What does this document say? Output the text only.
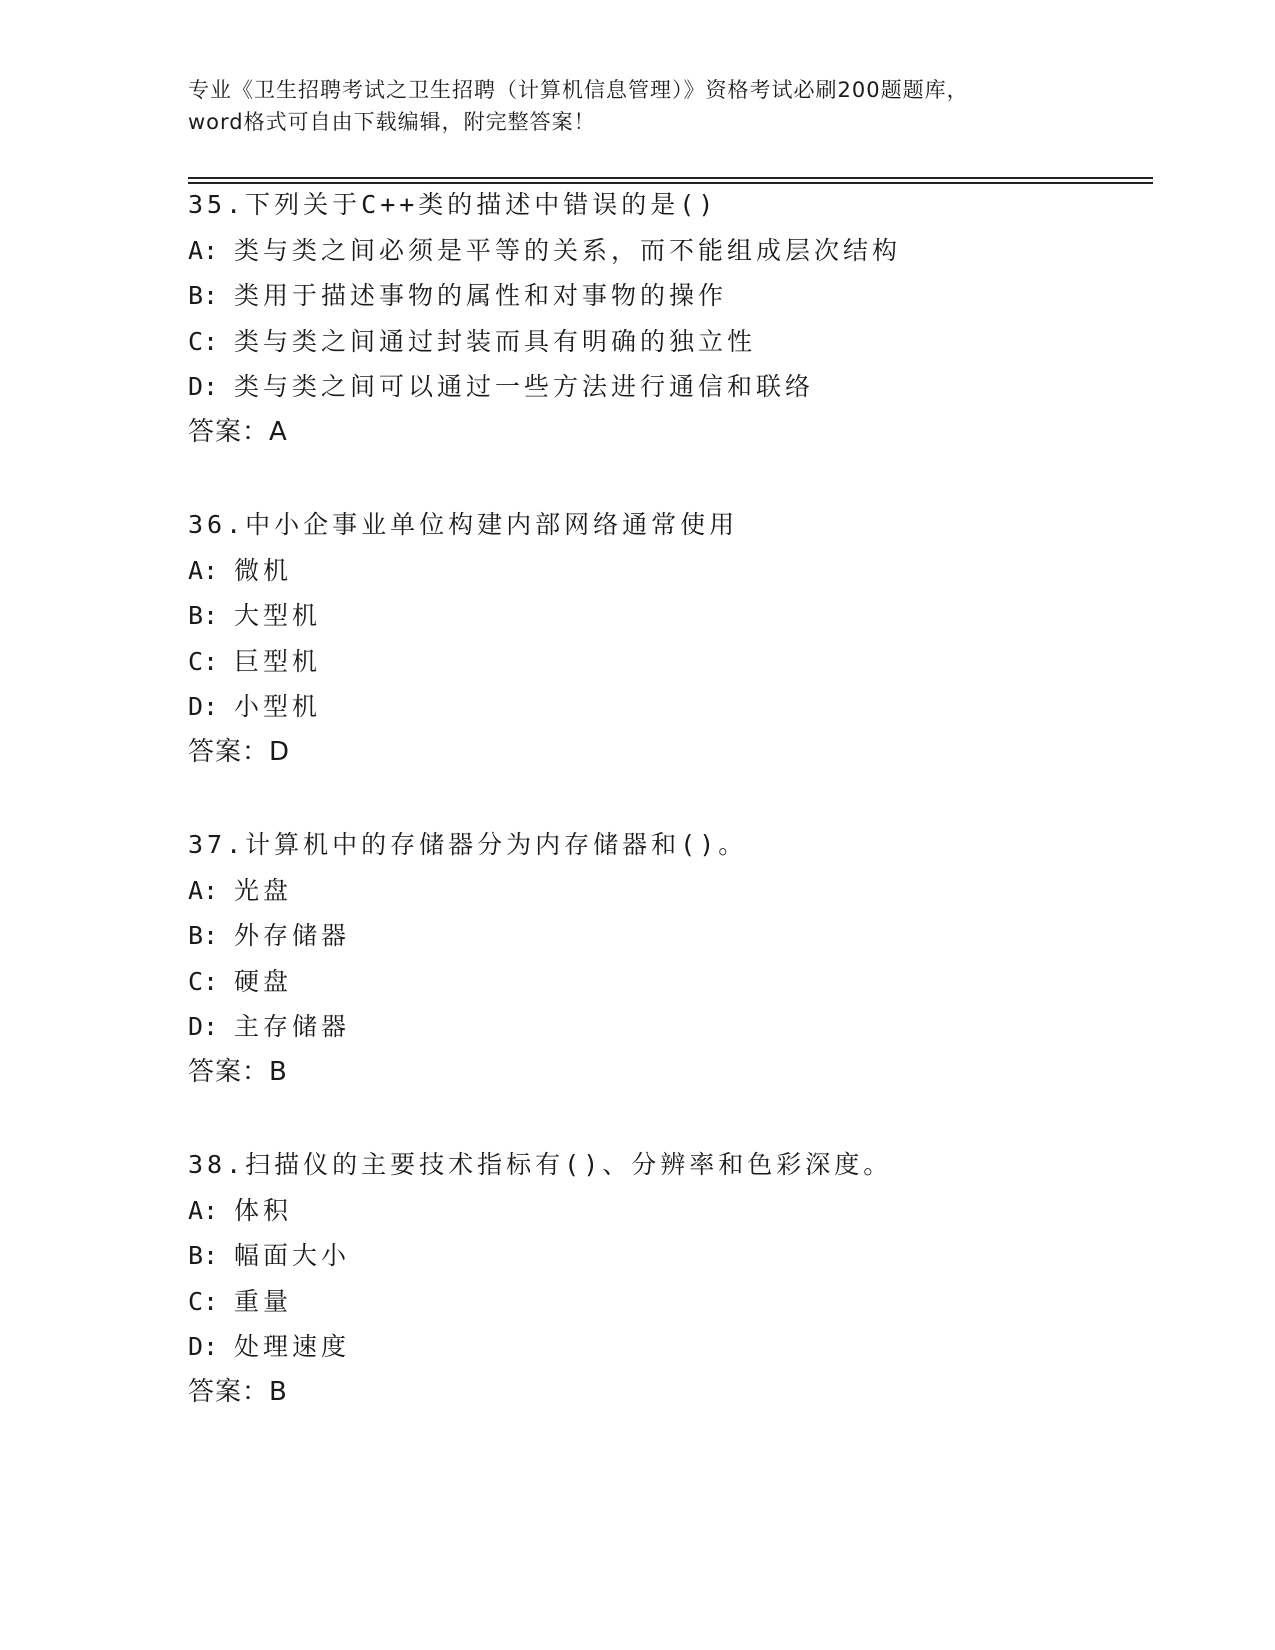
专业《卫生招聘考试之卫生招聘（计算机信息管理）》资格考试必刷200题题库，
word格式可自由下载编辑，附完整答案！
35.下列关于C++类的描述中错误的是()
A: 类与类之间必须是平等的关系，而不能组成层次结构
B: 类用于描述事物的属性和对事物的操作
C: 类与类之间通过封装而具有明确的独立性
D: 类与类之间可以通过一些方法进行通信和联络
答案：A
36.中小企事业单位构建内部网络通常使用
A: 微机
B: 大型机
C: 巨型机
D: 小型机
答案：D
37.计算机中的存储器分为内存储器和()。
A: 光盘
B: 外存储器
C: 硬盘
D: 主存储器
答案：B
38.扫描仪的主要技术指标有()、分辨率和色彩深度。
A: 体积
B: 幅面大小
C: 重量
D: 处理速度
答案：B
